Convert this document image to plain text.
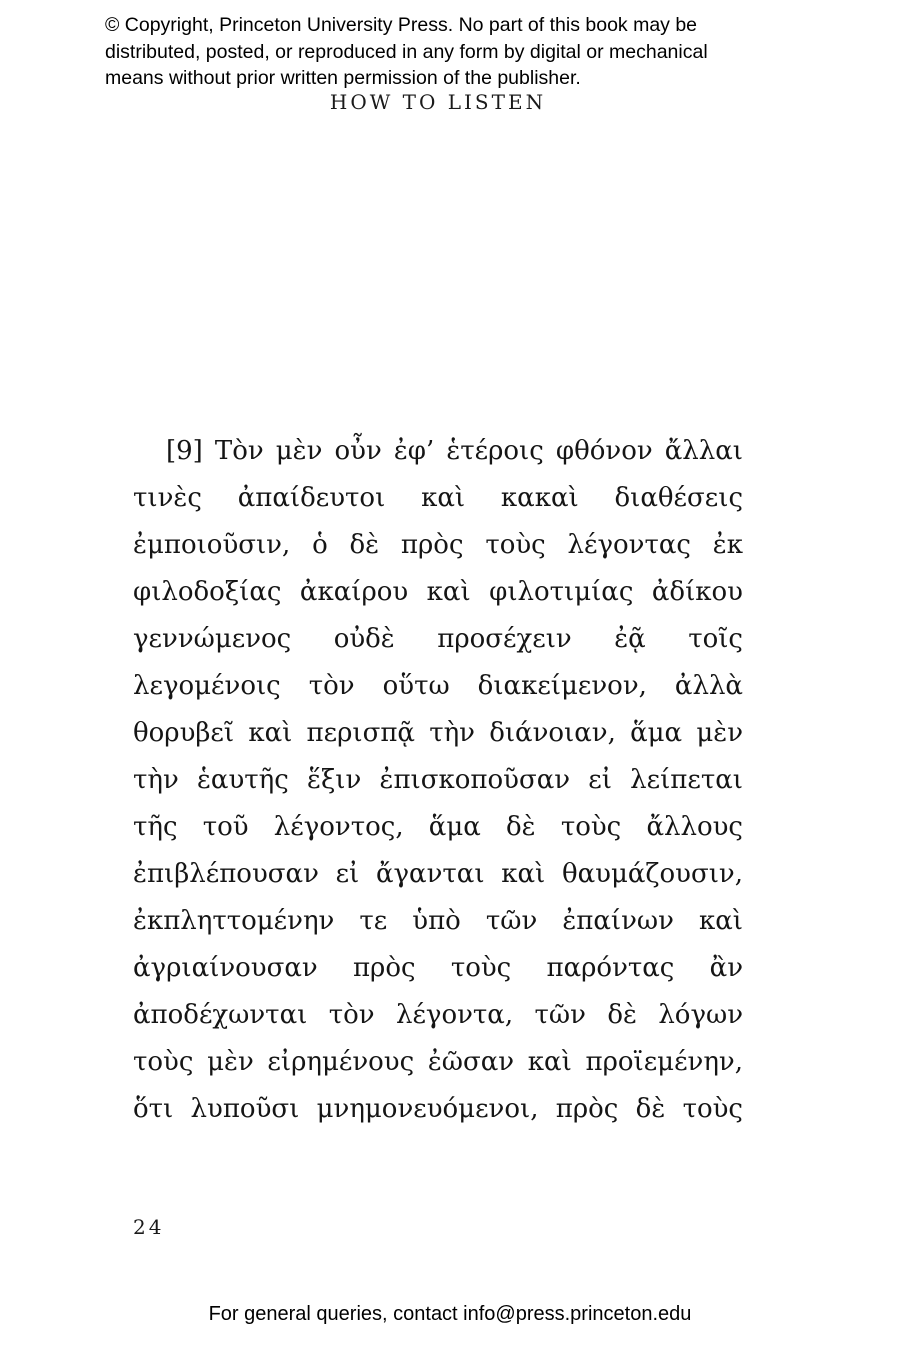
© Copyright, Princeton University Press. No part of this book may be
distributed, posted, or reproduced in any form by digital or mechanical
means without prior written permission of the publisher.
HOW TO LISTEN
[9] Τὸν μὲν οὖν ἐφ’ ἑτέροις φθόνον ἄλλαι
τινὲς ἀπαίδευτοι καὶ κακαὶ διαθέσεις
ἐμποιοῦσιν, ὁ δὲ πρὸς τοὺς λέγοντας ἐκ
φιλοδοξίας ἀκαίρου καὶ φιλοτιμίας ἀδίκου
γεννώμενος οὐδὲ προσέχειν ἐᾷ τοῖς
λεγομένοις τὸν οὕτω διακείμενον, ἀλλὰ
θορυβεῖ καὶ περισπᾷ τὴν διάνοιαν, ἅμα μὲν
τὴν ἑαυτῆς ἕξιν ἐπισκοποῦσαν εἰ λείπεται
τῆς τοῦ λέγοντος, ἅμα δὲ τοὺς ἄλλους
ἐπιβλέπουσαν εἰ ἄγανται καὶ θαυμάζουσιν,
ἐκπληττομένην τε ὑπὸ τῶν ἐπαίνων καὶ
ἀγριαίνουσαν πρὸς τοὺς παρόντας ἂν
ἀποδέχωνται τὸν λέγοντα, τῶν δὲ λόγων
τοὺς μὲν εἰρημένους ἐῶσαν καὶ προϊεμένην,
ὅτι λυποῦσι μνημονευόμενοι, πρὸς δὲ τοὺς
24
For general queries, contact info@press.princeton.edu
